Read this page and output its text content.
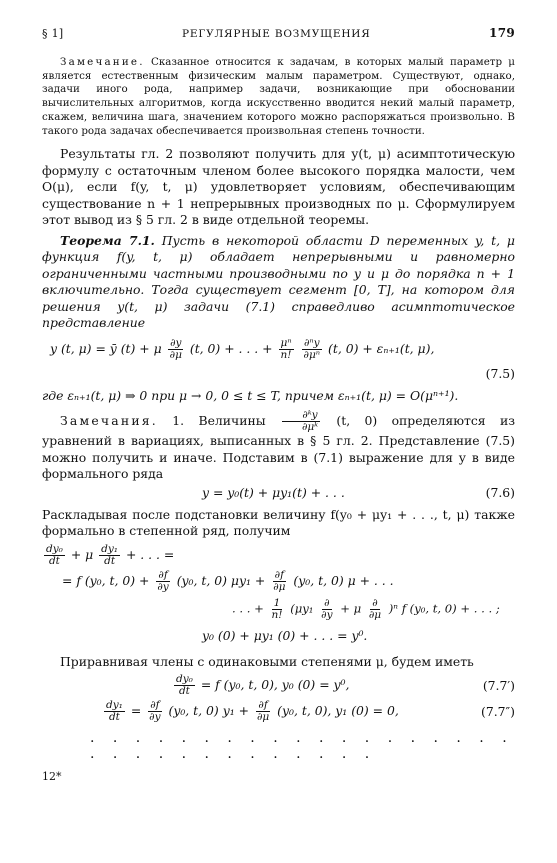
§ 1]	РЕГУЛЯРНЫЕ ВОЗМУЩЕНИЯ	179

Замечание. Сказанное относится к задачам, в которых малый параметр μ является естественным физическим малым параметром. Существуют, однако, задачи иного рода, например задачи, возникающие при обосновании вычислительных алгоритмов, когда искусственно вводится некий малый параметр, скажем, величина шага, значением которого можно распоряжаться произвольно. В такого рода задачах обеспечивается произвольная степень точности.

Результаты гл. 2 позволяют получить для y(t, μ) асимптотическую формулу с остаточным членом более высокого порядка малости, чем O(μ), если f(y, t, μ) удовлетворяет условиям, обеспечивающим существование n + 1 непрерывных производных по μ. Сформулируем этот вывод из § 5 гл. 2 в виде отдельной теоремы.

Теорема 7.1. Пусть в некоторой области D переменных y, t, μ функция f(y, t, μ) обладает непрерывными и равномерно ограниченными частными производными по y и μ до порядка n + 1 включительно. Тогда существует сегмент [0, T], на котором для решения y(t, μ) задачи (7.1) справедливо асимптотическое представление

y (t, μ) = ȳ (t) + μ $\frac{\partial y}{\partial\mu} (t$, 0) + . . . + $\frac{\text{μⁿ}}{n!}$
$\frac{\text{∂ⁿy}}{\text{∂μⁿ}} (t$, 0) + εₙ₊₁(t, μ),
(7.5)

где εₙ₊₁(t, μ) ⇒ 0 при μ → 0, 0 ≤ t ≤ T, причем εₙ₊₁(t, μ) = O(μⁿ⁺¹).

Замечания. 1. Величины $\frac{\text{∂ᵏy}}{\text{∂μᵏ}} (t$, 0) определяются из уравнений в вариациях, выписанных в § 5 гл. 2. Представление (7.5) можно получить и иначе. Подставим в (7.1) выражение для y в виде формального ряда

y = y₀(t) + μy₁(t) + . . .	(7.6)

Раскладывая после подстановки величину f(y₀ + μy₁ + . . ., t, μ) также формально в степенной ряд, получим

$\frac{\text{dy₀}}{dt} + \mu \frac{\text{dy₁}}{dt}$ + . . . =
= f (y₀, t, $0) + \frac{\partial f}{\partial y} (y_0$, t, 0) $\mu y_1 + \frac{\partial f}{\partial\mu} (y_0$, t, 0) μ + . . .
. . . + $\frac{1}{n!} (\mu y_1 \frac{\partial}{\partial y} + \mu \frac{\partial}{\partial\mu} )^n$ f (y₀, t, 0) + . . . ;
y₀ (0) + μy₁ (0) + . . . = y⁰.

Приравнивая члены с одинаковыми степенями μ, будем иметь

$\frac{\text{dy₀}}{dt} = f$ (y₀, t, 0), y₀ (0) = y⁰,	(7.7′)
$\frac{\text{dy₁}}{dt} = \frac{\partial f}{\partial y} (y_0$, t, 0) $y_1 + \frac{\partial f}{\partial\mu} (y_0$, t, 0), y₁ (0) = 0,	(7.7″)
. . . . . . . . . . . . . . . . . . . . . . . . . . . . . . . .
12*
